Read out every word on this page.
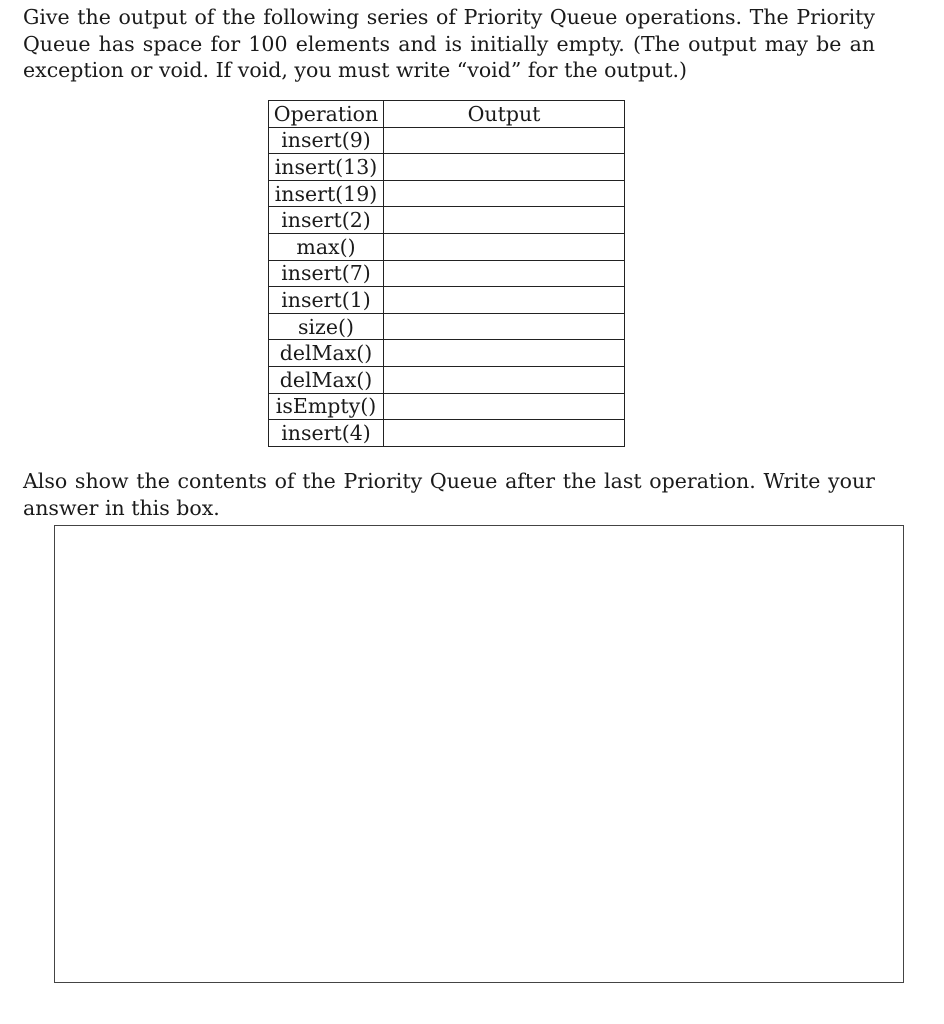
Give the output of the following series of Priority Queue operations. The Priority Queue has space for 100 elements and is initially empty. (The output may be an exception or void. If void, you must write “void” for the output.)

Operation	Output
insert(9)	
insert(13)	
insert(19)	
insert(2)	
max()	
insert(7)	
insert(1)	
size()	
delMax()	
delMax()	
isEmpty()	
insert(4)	

Also show the contents of the Priority Queue after the last operation. Write your answer in this box.
